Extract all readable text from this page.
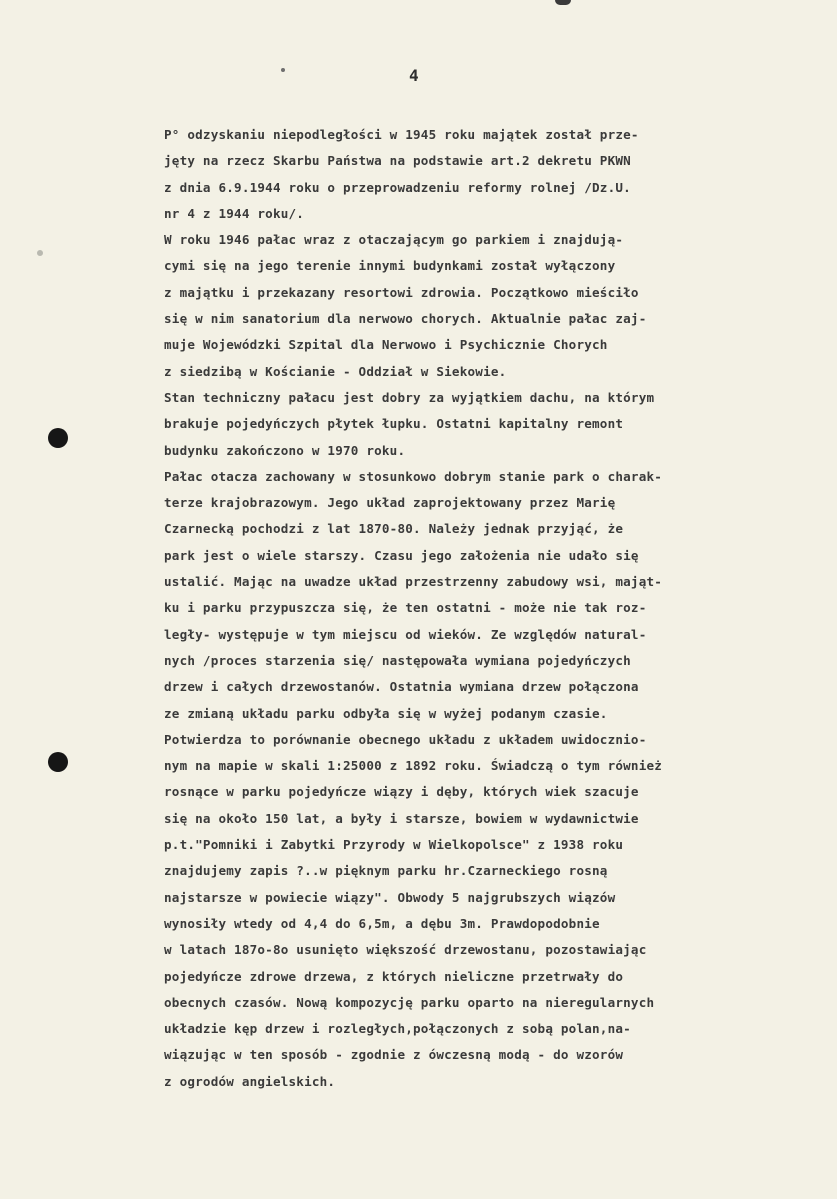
4
P° odzyskaniu niepodległości w 1945 roku majątek został prze-
jęty na rzecz Skarbu Państwa na podstawie art.2 dekretu PKWN
z dnia 6.9.1944 roku o przeprowadzeniu reformy rolnej /Dz.U.
nr 4 z 1944 roku/.
W roku 1946 pałac wraz z otaczającym go parkiem i znajdują-
cymi się na jego terenie innymi budynkami został wyłączony
z majątku i przekazany resortowi zdrowia. Początkowo mieściło
się w nim sanatorium dla nerwowo chorych. Aktualnie pałac zaj-
muje Wojewódzki Szpital dla Nerwowo i Psychicznie Chorych
z siedzibą w Kościanie - Oddział w Siekowie.
Stan techniczny pałacu jest dobry za wyjątkiem dachu, na którym
brakuje pojedyńczych płytek łupku. Ostatni kapitalny remont
budynku zakończono w 1970 roku.
Pałac otacza zachowany w stosunkowo dobrym stanie park o charak-
terze krajobrazowym. Jego układ zaprojektowany przez Marię
Czarnecką pochodzi z lat 1870-80. Należy jednak przyjąć, że
park jest o wiele starszy. Czasu jego założenia nie udało się
ustalić. Mając na uwadze układ przestrzenny zabudowy wsi, mająt-
ku i parku przypuszcza się, że ten ostatni - może nie tak roz-
legły- występuje w tym miejscu od wieków. Ze względów natural-
nych /proces starzenia się/ następowała wymiana pojedyńczych
drzew i całych drzewostanów. Ostatnia wymiana drzew połączona
ze zmianą układu parku odbyła się w wyżej podanym czasie.
Potwierdza to porównanie obecnego układu z układem uwidocznio-
nym na mapie w skali 1:25000 z 1892 roku. Świadczą o tym również
rosnące w parku pojedyńcze wiązy i dęby, których wiek szacuje
się na około 150 lat, a były i starsze, bowiem w wydawnictwie
p.t."Pomniki i Zabytki Przyrody w Wielkopolsce" z 1938 roku
znajdujemy zapis ?..w pięknym parku hr.Czarneckiego rosną
najstarsze w powiecie wiązy". Obwody 5 najgrubszych wiązów
wynosiły wtedy od 4,4 do 6,5m, a dębu 3m. Prawdopodobnie
w latach 187o-8o usunięto większość drzewostanu, pozostawiając
pojedyńcze zdrowe drzewa, z których nieliczne przetrwały do
obecnych czasów. Nową kompozycję parku oparto na nieregularnych
układzie kęp drzew i rozległych,połączonych z sobą polan,na-
wiązując w ten sposób - zgodnie z ówczesną modą - do wzorów
z ogrodów angielskich.
